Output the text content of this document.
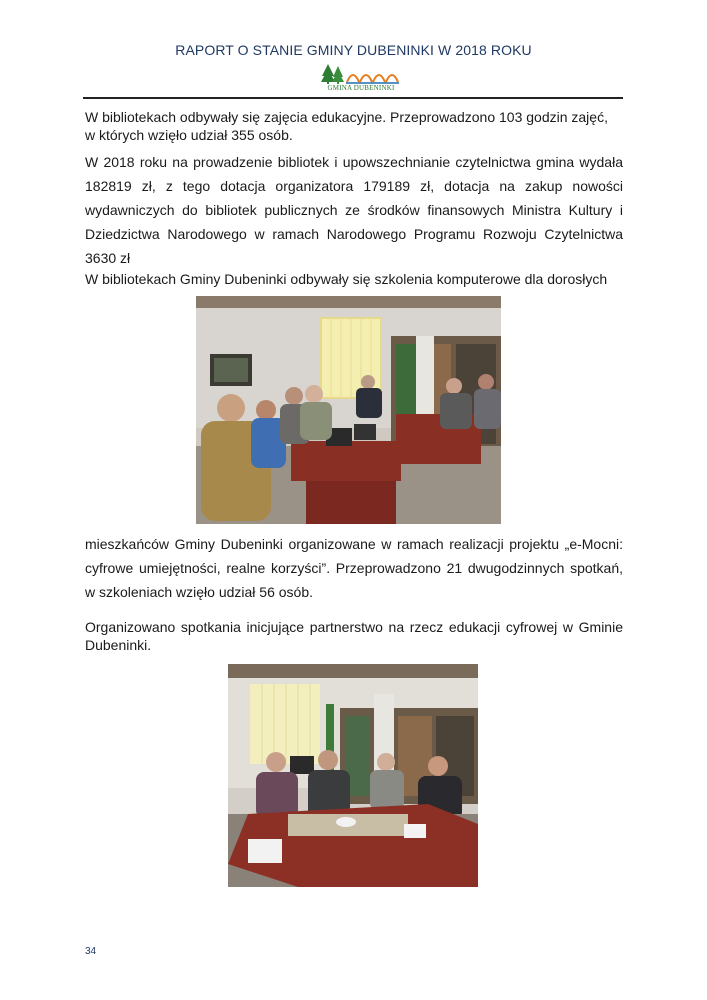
RAPORT O STANIE GMINY DUBENINKI W 2018 ROKU
GMINA DUBENINKI
W bibliotekach odbywały się zajęcia edukacyjne. Przeprowadzono 103 godzin zajęć, w których wzięło udział 355 osób.
W 2018 roku na prowadzenie bibliotek i upowszechnianie czytelnictwa gmina wydała 182819 zł, z tego dotacja organizatora 179189 zł, dotacja na zakup nowości wydawniczych do bibliotek publicznych ze środków finansowych Ministra Kultury i Dziedzictwa Narodowego w ramach Narodowego Programu Rozwoju Czytelnictwa 3630 zł
W bibliotekach Gminy Dubeninki odbywały się szkolenia komputerowe dla dorosłych
mieszkańców Gminy Dubeninki organizowane w ramach realizacji projektu „e-Mocni: cyfrowe umiejętności, realne korzyści”. Przeprowadzono 21 dwugodzinnych spotkań, w szkoleniach wzięło udział 56 osób.
Organizowano spotkania inicjujące partnerstwo na rzecz edukacji cyfrowej w Gminie Dubeninki.
34
